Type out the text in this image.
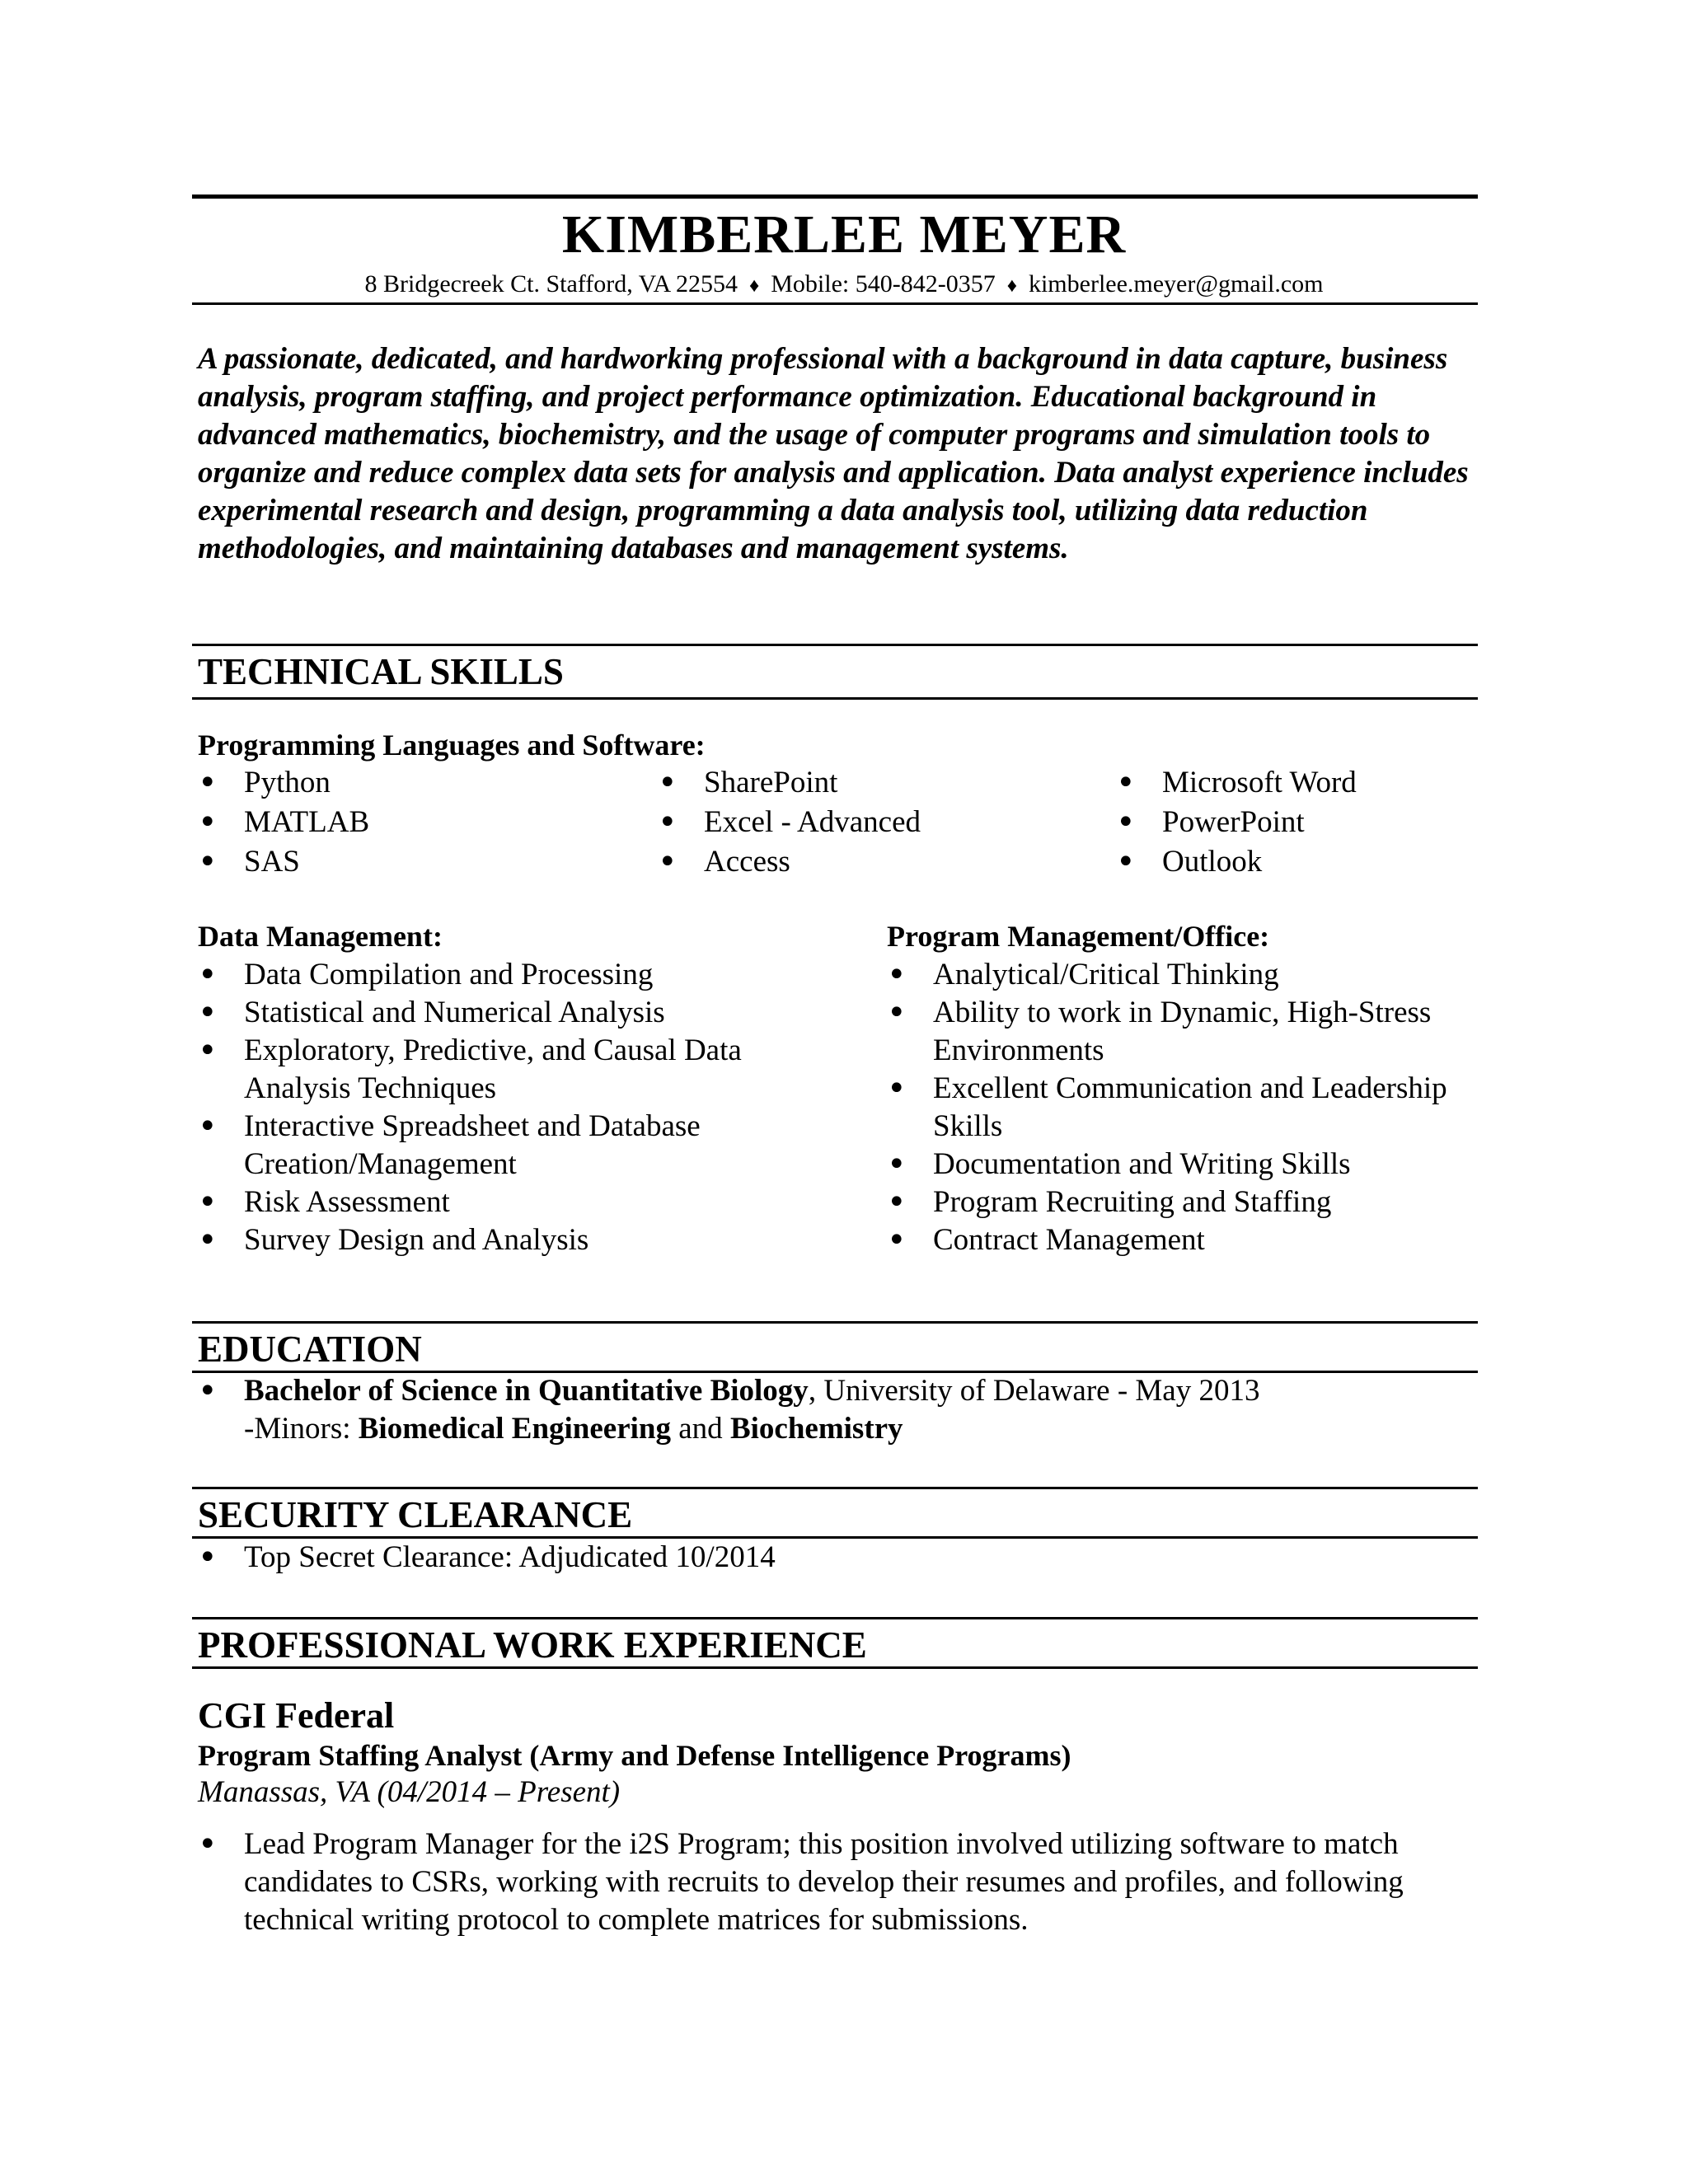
KIMBERLEE MEYER
8 Bridgecreek Ct. Stafford, VA 22554 ♦ Mobile: 540-842-0357 ♦ kimberlee.meyer@gmail.com
A passionate, dedicated, and hardworking professional with a background in data capture, business analysis, program staffing, and project performance optimization. Educational background in advanced mathematics, biochemistry, and the usage of computer programs and simulation tools to organize and reduce complex data sets for analysis and application. Data analyst experience includes experimental research and design, programming a data analysis tool, utilizing data reduction methodologies, and maintaining databases and management systems.
TECHNICAL SKILLS
Programming Languages and Software:
• Python
• MATLAB
• SAS
• SharePoint
• Excel - Advanced
• Access
• Microsoft Word
• PowerPoint
• Outlook
Data Management:
• Data Compilation and Processing
• Statistical and Numerical Analysis
• Exploratory, Predictive, and Causal Data Analysis Techniques
• Interactive Spreadsheet and Database Creation/Management
• Risk Assessment
• Survey Design and Analysis
Program Management/Office:
• Analytical/Critical Thinking
• Ability to work in Dynamic, High-Stress Environments
• Excellent Communication and Leadership Skills
• Documentation and Writing Skills
• Program Recruiting and Staffing
• Contract Management
EDUCATION
• Bachelor of Science in Quantitative Biology, University of Delaware - May 2013
-Minors: Biomedical Engineering and Biochemistry
SECURITY CLEARANCE
• Top Secret Clearance: Adjudicated 10/2014
PROFESSIONAL WORK EXPERIENCE
CGI Federal
Program Staffing Analyst (Army and Defense Intelligence Programs)
Manassas, VA (04/2014 – Present)
• Lead Program Manager for the i2S Program; this position involved utilizing software to match candidates to CSRs, working with recruits to develop their resumes and profiles, and following technical writing protocol to complete matrices for submissions.
